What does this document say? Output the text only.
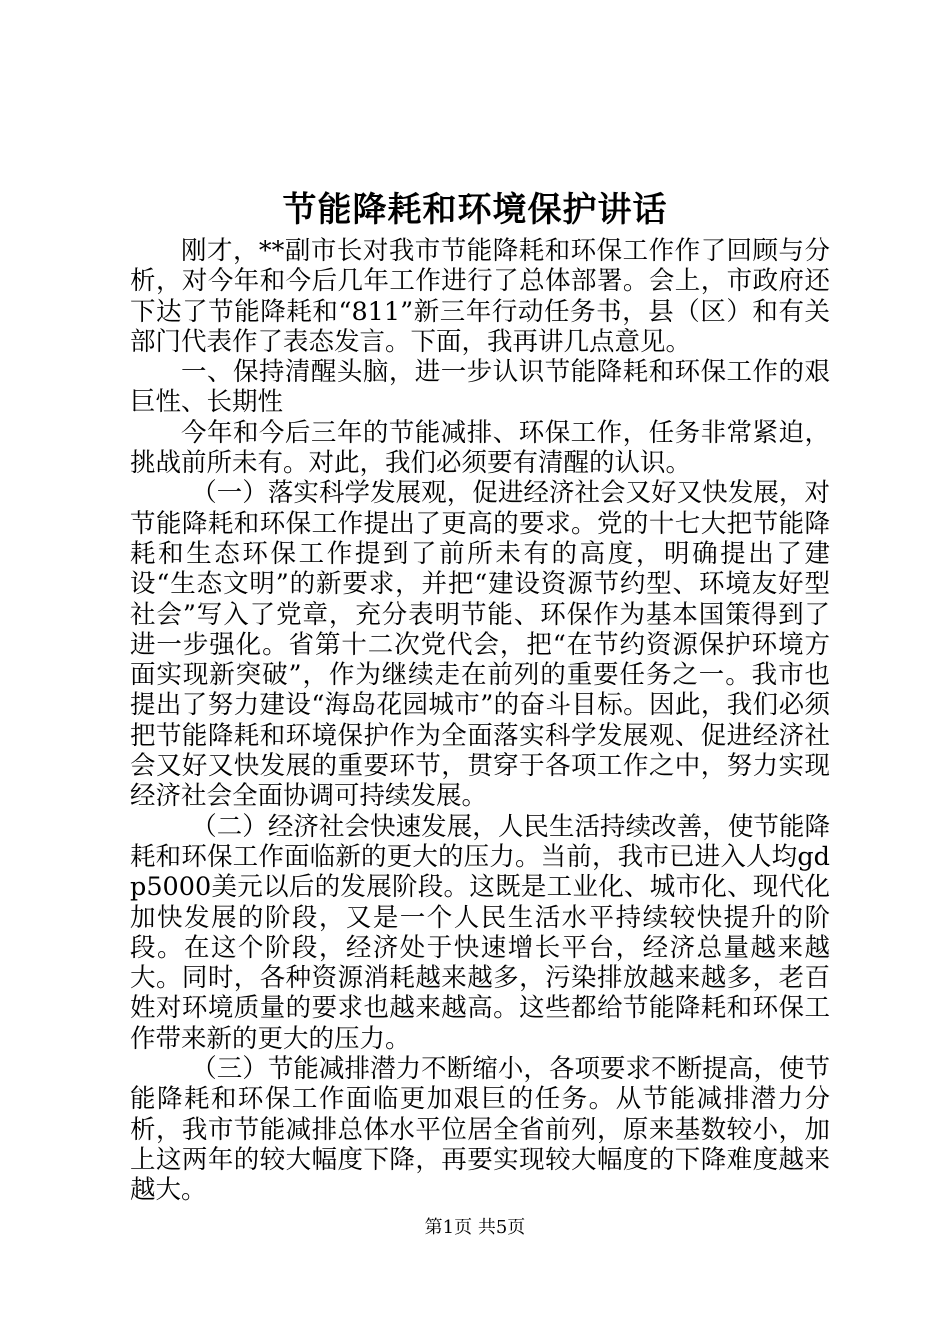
节能降耗和环境保护讲话

刚才，**副市长对我市节能降耗和环保工作作了回顾与分析，对今年和今后几年工作进行了总体部署。会上，市政府还下达了节能降耗和“811”新三年行动任务书，县（区）和有关部门代表作了表态发言。下面，我再讲几点意见。

一、保持清醒头脑，进一步认识节能降耗和环保工作的艰巨性、长期性

今年和今后三年的节能减排、环保工作，任务非常紧迫，挑战前所未有。对此，我们必须要有清醒的认识。

（一）落实科学发展观，促进经济社会又好又快发展，对节能降耗和环保工作提出了更高的要求。党的十七大把节能降耗和生态环保工作提到了前所未有的高度，明确提出了建设“生态文明”的新要求，并把“建设资源节约型、环境友好型社会”写入了党章，充分表明节能、环保作为基本国策得到了进一步强化。省第十二次党代会，把“在节约资源保护环境方面实现新突破”，作为继续走在前列的重要任务之一。我市也提出了努力建设“海岛花园城市”的奋斗目标。因此，我们必须把节能降耗和环境保护作为全面落实科学发展观、促进经济社会又好又快发展的重要环节，贯穿于各项工作之中，努力实现经济社会全面协调可持续发展。

（二）经济社会快速发展，人民生活持续改善，使节能降耗和环保工作面临新的更大的压力。当前，我市已进入人均gdp5000美元以后的发展阶段。这既是工业化、城市化、现代化加快发展的阶段，又是一个人民生活水平持续较快提升的阶段。在这个阶段，经济处于快速增长平台，经济总量越来越大。同时，各种资源消耗越来越多，污染排放越来越多，老百姓对环境质量的要求也越来越高。这些都给节能降耗和环保工作带来新的更大的压力。

（三）节能减排潜力不断缩小，各项要求不断提高，使节能降耗和环保工作面临更加艰巨的任务。从节能减排潜力分析，我市节能减排总体水平位居全省前列，原来基数较小，加上这两年的较大幅度下降，再要实现较大幅度的下降难度越来越大。

第1页 共5页
